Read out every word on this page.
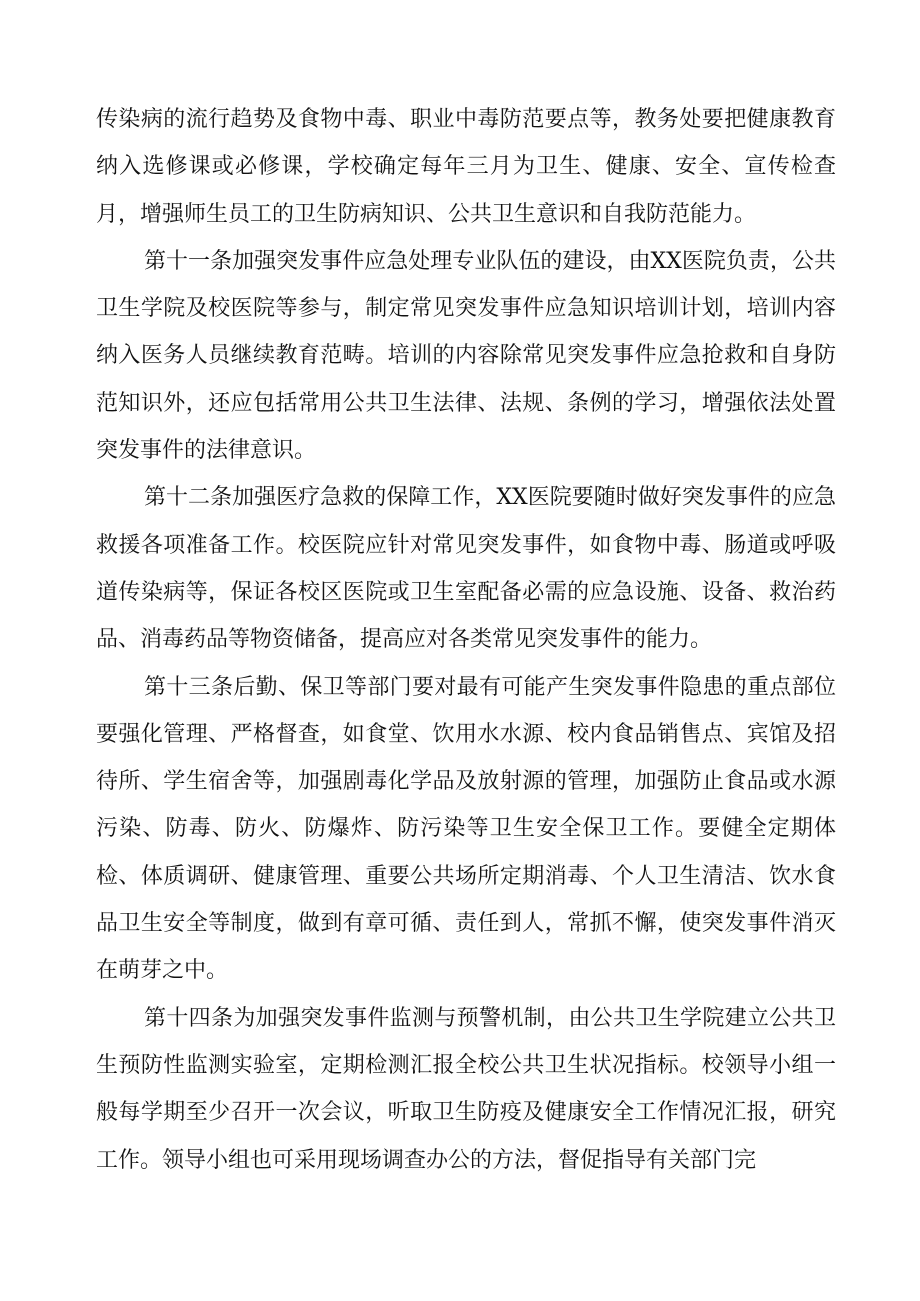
传染病的流行趋势及食物中毒、职业中毒防范要点等，教务处要把健康教育纳入选修课或必修课，学校确定每年三月为卫生、健康、安全、宣传检查月，增强师生员工的卫生防病知识、公共卫生意识和自我防范能力。

第十一条加强突发事件应急处理专业队伍的建设，由XX医院负责，公共卫生学院及校医院等参与，制定常见突发事件应急知识培训计划，培训内容纳入医务人员继续教育范畴。培训的内容除常见突发事件应急抢救和自身防范知识外，还应包括常用公共卫生法律、法规、条例的学习，增强依法处置突发事件的法律意识。

第十二条加强医疗急救的保障工作，XX医院要随时做好突发事件的应急救援各项准备工作。校医院应针对常见突发事件，如食物中毒、肠道或呼吸道传染病等，保证各校区医院或卫生室配备必需的应急设施、设备、救治药品、消毒药品等物资储备，提高应对各类常见突发事件的能力。

第十三条后勤、保卫等部门要对最有可能产生突发事件隐患的重点部位要强化管理、严格督查，如食堂、饮用水水源、校内食品销售点、宾馆及招待所、学生宿舍等，加强剧毒化学品及放射源的管理，加强防止食品或水源污染、防毒、防火、防爆炸、防污染等卫生安全保卫工作。要健全定期体检、体质调研、健康管理、重要公共场所定期消毒、个人卫生清洁、饮水食品卫生安全等制度，做到有章可循、责任到人，常抓不懈，使突发事件消灭在萌芽之中。

第十四条为加强突发事件监测与预警机制，由公共卫生学院建立公共卫生预防性监测实验室，定期检测汇报全校公共卫生状况指标。校领导小组一般每学期至少召开一次会议，听取卫生防疫及健康安全工作情况汇报，研究工作。领导小组也可采用现场调查办公的方法，督促指导有关部门完
